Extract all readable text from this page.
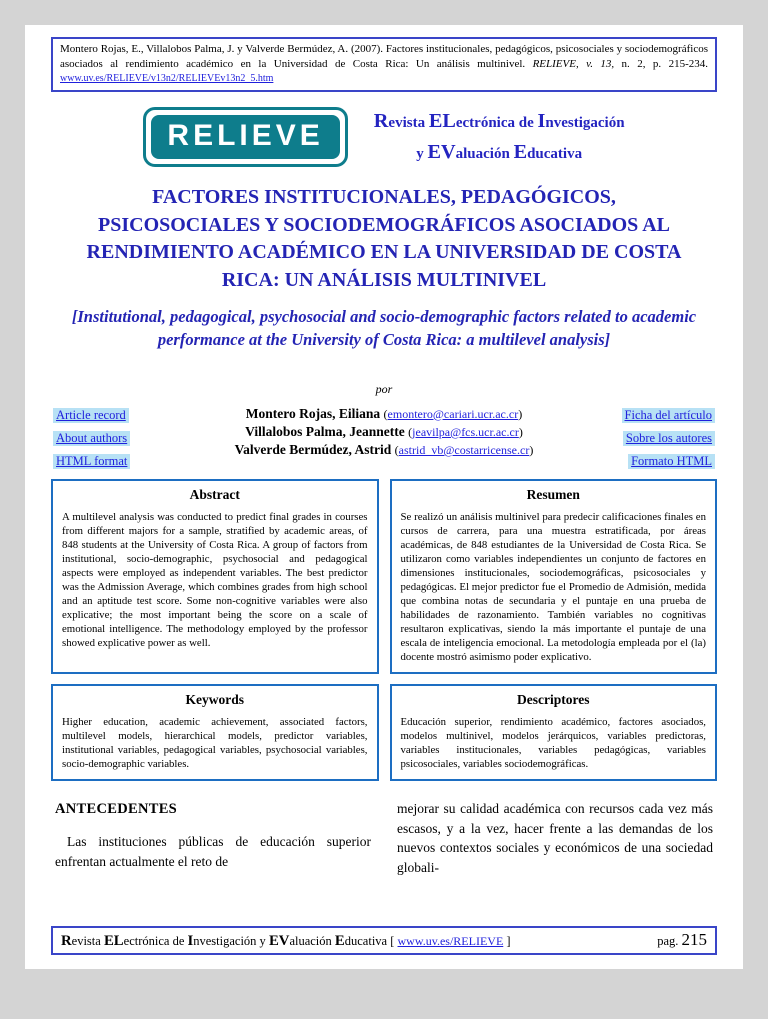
Montero Rojas, E., Villalobos Palma, J. y Valverde Bermúdez, A. (2007). Factores institucionales, pedagógicos, psicosociales y sociodemográficos asociados al rendimiento académico en la Universidad de Costa Rica: Un análisis multinivel. RELIEVE, v. 13, n. 2, p. 215-234. www.uv.es/RELIEVE/v13n2/RELIEVEv13n2_5.htm
RELIEVE	Revista ELectrónica de Investigación
y EValuación Educativa
FACTORES INSTITUCIONALES, PEDAGÓGICOS, PSICOSOCIALES Y SOCIODEMOGRÁFICOS ASOCIADOS AL RENDIMIENTO ACADÉMICO EN LA UNIVERSIDAD DE COSTA RICA: UN ANÁLISIS MULTINIVEL
[Institutional, pedagogical, psychosocial and socio-demographic factors related to academic performance at the University of Costa Rica: a multilevel analysis]
por
Article record
About authors
HTML format
Montero Rojas, Eiliana (emontero@cariari.ucr.ac.cr)
Villalobos Palma, Jeannette (jeavilpa@fcs.ucr.ac.cr)
Valverde Bermúdez, Astrid (astrid_vb@costarricense.cr)
Ficha del artículo
Sobre los autores
Formato HTML
Abstract
A multilevel analysis was conducted to predict final grades in courses from different majors for a sample, stratified by academic areas, of 848 students at the University of Costa Rica. A group of factors from institutional, socio-demographic, psychosocial and pedagogical aspects were employed as independent variables. The best predictor was the Admission Average, which combines grades from high school and an aptitude test score. Some non-cognitive variables were also explicative; the most important being the score on a scale of emotional intelligence. The methodology employed by the professor showed explicative power as well.
Resumen
Se realizó un análisis multinivel para predecir calificaciones finales en cursos de carrera, para una muestra estratificada, por áreas académicas, de 848 estudiantes de la Universidad de Costa Rica. Se utilizaron como variables independientes un conjunto de factores en dimensiones institucionales, sociodemográficas, psicosociales y pedagógicas. El mejor predictor fue el Promedio de Admisión, medida que combina notas de secundaria y el puntaje en una prueba de habilidades de razonamiento. También variables no cognitivas resultaron explicativas, siendo la más importante el puntaje de una escala de inteligencia emocional. La metodología empleada por el (la) docente mostró asimismo poder explicativo.
Keywords
Higher education, academic achievement, associated factors, multilevel models, hierarchical models, predictor variables, institutional variables, pedagogical variables, psychosocial variables, socio-demographic variables.
Descriptores
Educación superior, rendimiento académico, factores asociados, modelos multinivel, modelos jerárquicos, variables predictoras, variables institucionales, variables pedagógicas, variables psicosociales, variables sociodemográficas.
ANTECEDENTES

Las instituciones públicas de educación superior enfrentan actualmente el reto de

mejorar su calidad académica con recursos cada vez más escasos, y a la vez, hacer frente a las demandas de los nuevos contextos sociales y económicos de una sociedad globali-

Revista ELectrónica de Investigación y EValuación Educativa [ www.uv.es/RELIEVE ]	pag. 215
